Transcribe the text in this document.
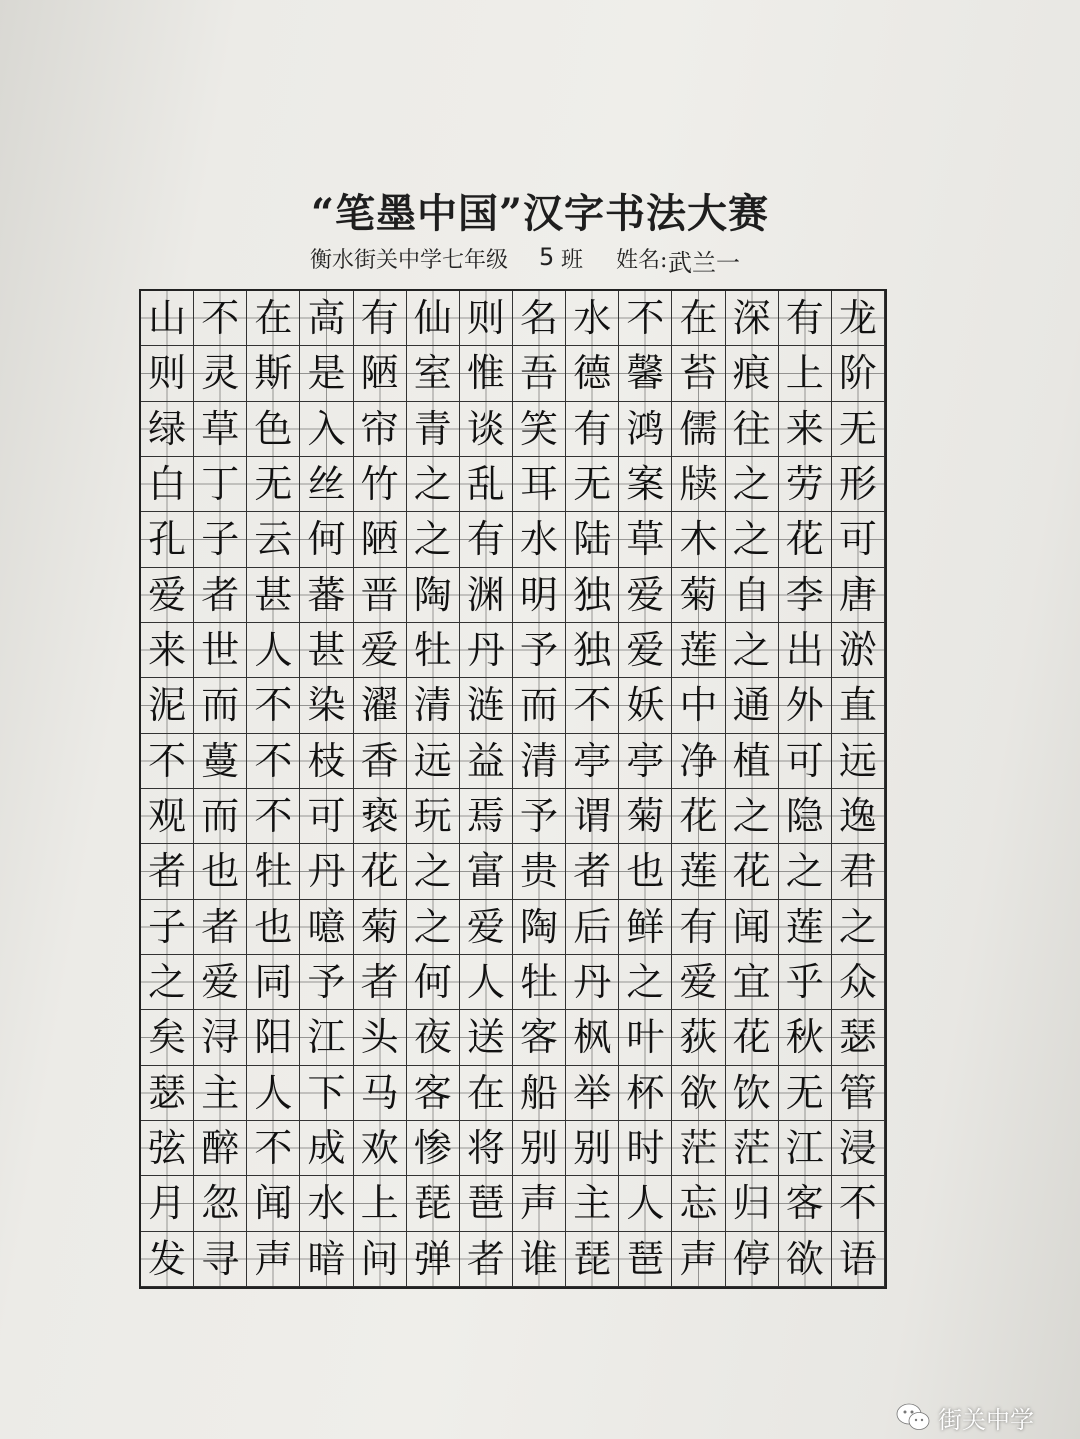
“笔墨中国”汉字书法大赛
衡水街关中学七年级 5 班 姓名: 武兰一
山 不 在 高 有 仙 则 名 水 不 在 深 有 龙
则 灵 斯 是 陋 室 惟 吾 德 馨 苔 痕 上 阶
绿 草 色 入 帘 青 谈 笑 有 鸿 儒 往 来 无
白 丁 无 丝 竹 之 乱 耳 无 案 牍 之 劳 形
孔 子 云 何 陋 之 有 水 陆 草 木 之 花 可
爱 者 甚 蕃 晋 陶 渊 明 独 爱 菊 自 李 唐
来 世 人 甚 爱 牡 丹 予 独 爱 莲 之 出 淤
泥 而 不 染 濯 清 涟 而 不 妖 中 通 外 直
不 蔓 不 枝 香 远 益 清 亭 亭 净 植 可 远
观 而 不 可 亵 玩 焉 予 谓 菊 花 之 隐 逸
者 也 牡 丹 花 之 富 贵 者 也 莲 花 之 君
子 者 也 噫 菊 之 爱 陶 后 鲜 有 闻 莲 之
之 爱 同 予 者 何 人 牡 丹 之 爱 宜 乎 众
矣 浔 阳 江 头 夜 送 客 枫 叶 荻 花 秋 瑟
瑟 主 人 下 马 客 在 船 举 杯 欲 饮 无 管
弦 醉 不 成 欢 惨 将 别 别 时 茫 茫 江 浸
月 忽 闻 水 上 琵 琶 声 主 人 忘 归 客 不
发 寻 声 暗 问 弹 者 谁 琵 琶 声 停 欲 语
街关中学
